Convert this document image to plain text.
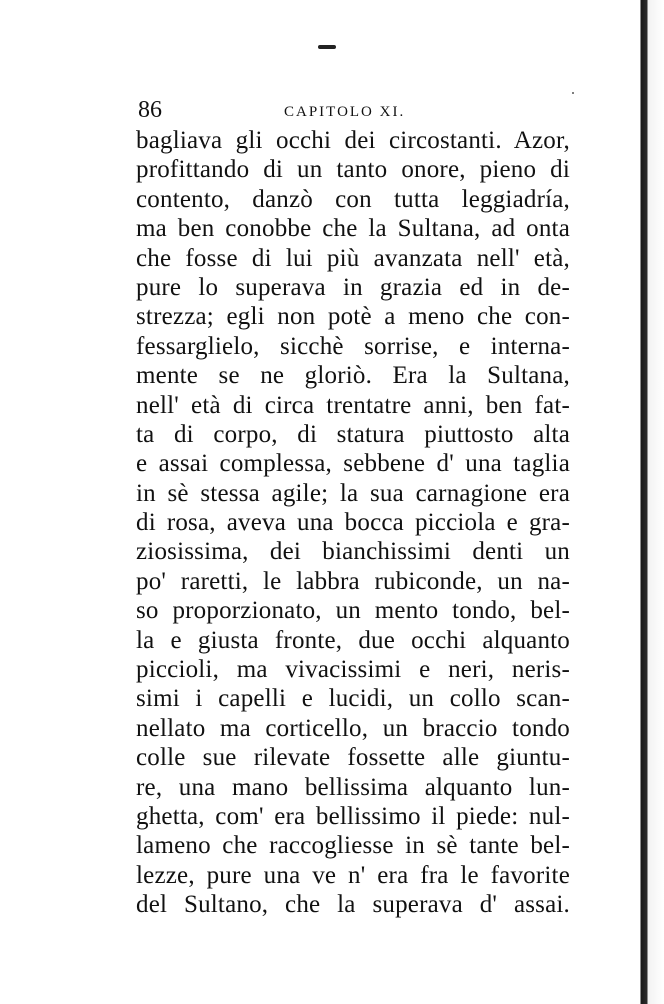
86	CAPITOLO XI.
bagliava gli occhi dei circostanti. Azor,
profittando di un tanto onore, pieno di
contento, danzò con tutta leggiadría,
ma ben conobbe che la Sultana, ad onta
che fosse di lui più avanzata nell' età,
pure lo superava in grazia ed in de-
strezza; egli non potè a meno che con-
fessarglielo, sicchè sorrise, e interna-
mente se ne gloriò. Era la Sultana,
nell' età di circa trentatre anni, ben fat-
ta di corpo, di statura piuttosto alta
e assai complessa, sebbene d' una taglia
in sè stessa agile; la sua carnagione era
di rosa, aveva una bocca picciola e gra-
ziosissima, dei bianchissimi denti un
po' raretti, le labbra rubiconde, un na-
so proporzionato, un mento tondo, bel-
la e giusta fronte, due occhi alquanto
piccioli, ma vivacissimi e neri, neris-
simi i capelli e lucidi, un collo scan-
nellato ma corticello, un braccio tondo
colle sue rilevate fossette alle giuntu-
re, una mano bellissima alquanto lun-
ghetta, com' era bellissimo il piede: nul-
lameno che raccogliesse in sè tante bel-
lezze, pure una ve n' era fra le favorite
del Sultano, che la superava d' assai.
